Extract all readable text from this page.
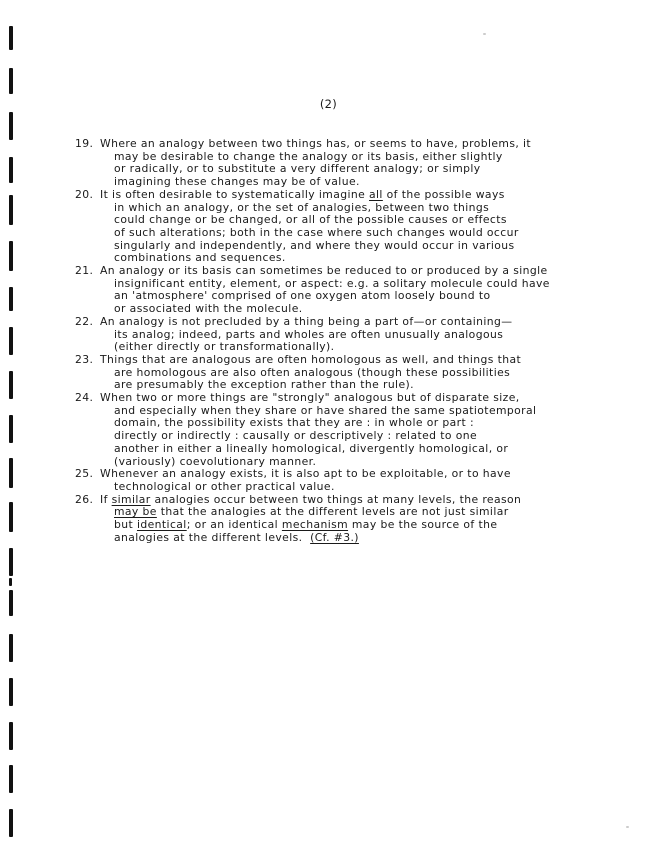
(2)
19. Where an analogy between two things has, or seems to have, problems, it
may be desirable to change the analogy or its basis, either slightly
or radically, or to substitute a very different analogy; or simply
imagining these changes may be of value.
20. It is often desirable to systematically imagine all of the possible ways
in which an analogy, or the set of analogies, between two things
could change or be changed, or all of the possible causes or effects
of such alterations; both in the case where such changes would occur
singularly and independently, and where they would occur in various
combinations and sequences.
21. An analogy or its basis can sometimes be reduced to or produced by a single
insignificant entity, element, or aspect: e.g. a solitary molecule could have
an 'atmosphere' comprised of one oxygen atom loosely bound to
or associated with the molecule.
22. An analogy is not precluded by a thing being a part of—or containing—
its analog; indeed, parts and wholes are often unusually analogous
(either directly or transformationally).
23. Things that are analogous are often homologous as well, and things that
are homologous are also often analogous (though these possibilities
are presumably the exception rather than the rule).
24. When two or more things are "strongly" analogous but of disparate size,
and especially when they share or have shared the same spatiotemporal
domain, the possibility exists that they are : in whole or part :
directly or indirectly : causally or descriptively : related to one
another in either a lineally homological, divergently homological, or
(variously) coevolutionary manner.
25. Whenever an analogy exists, it is also apt to be exploitable, or to have
technological or other practical value.
26. If similar analogies occur between two things at many levels, the reason
may be that the analogies at the different levels are not just similar
but identical; or an identical mechanism may be the source of the
analogies at the different levels.  (Cf. #3.)
